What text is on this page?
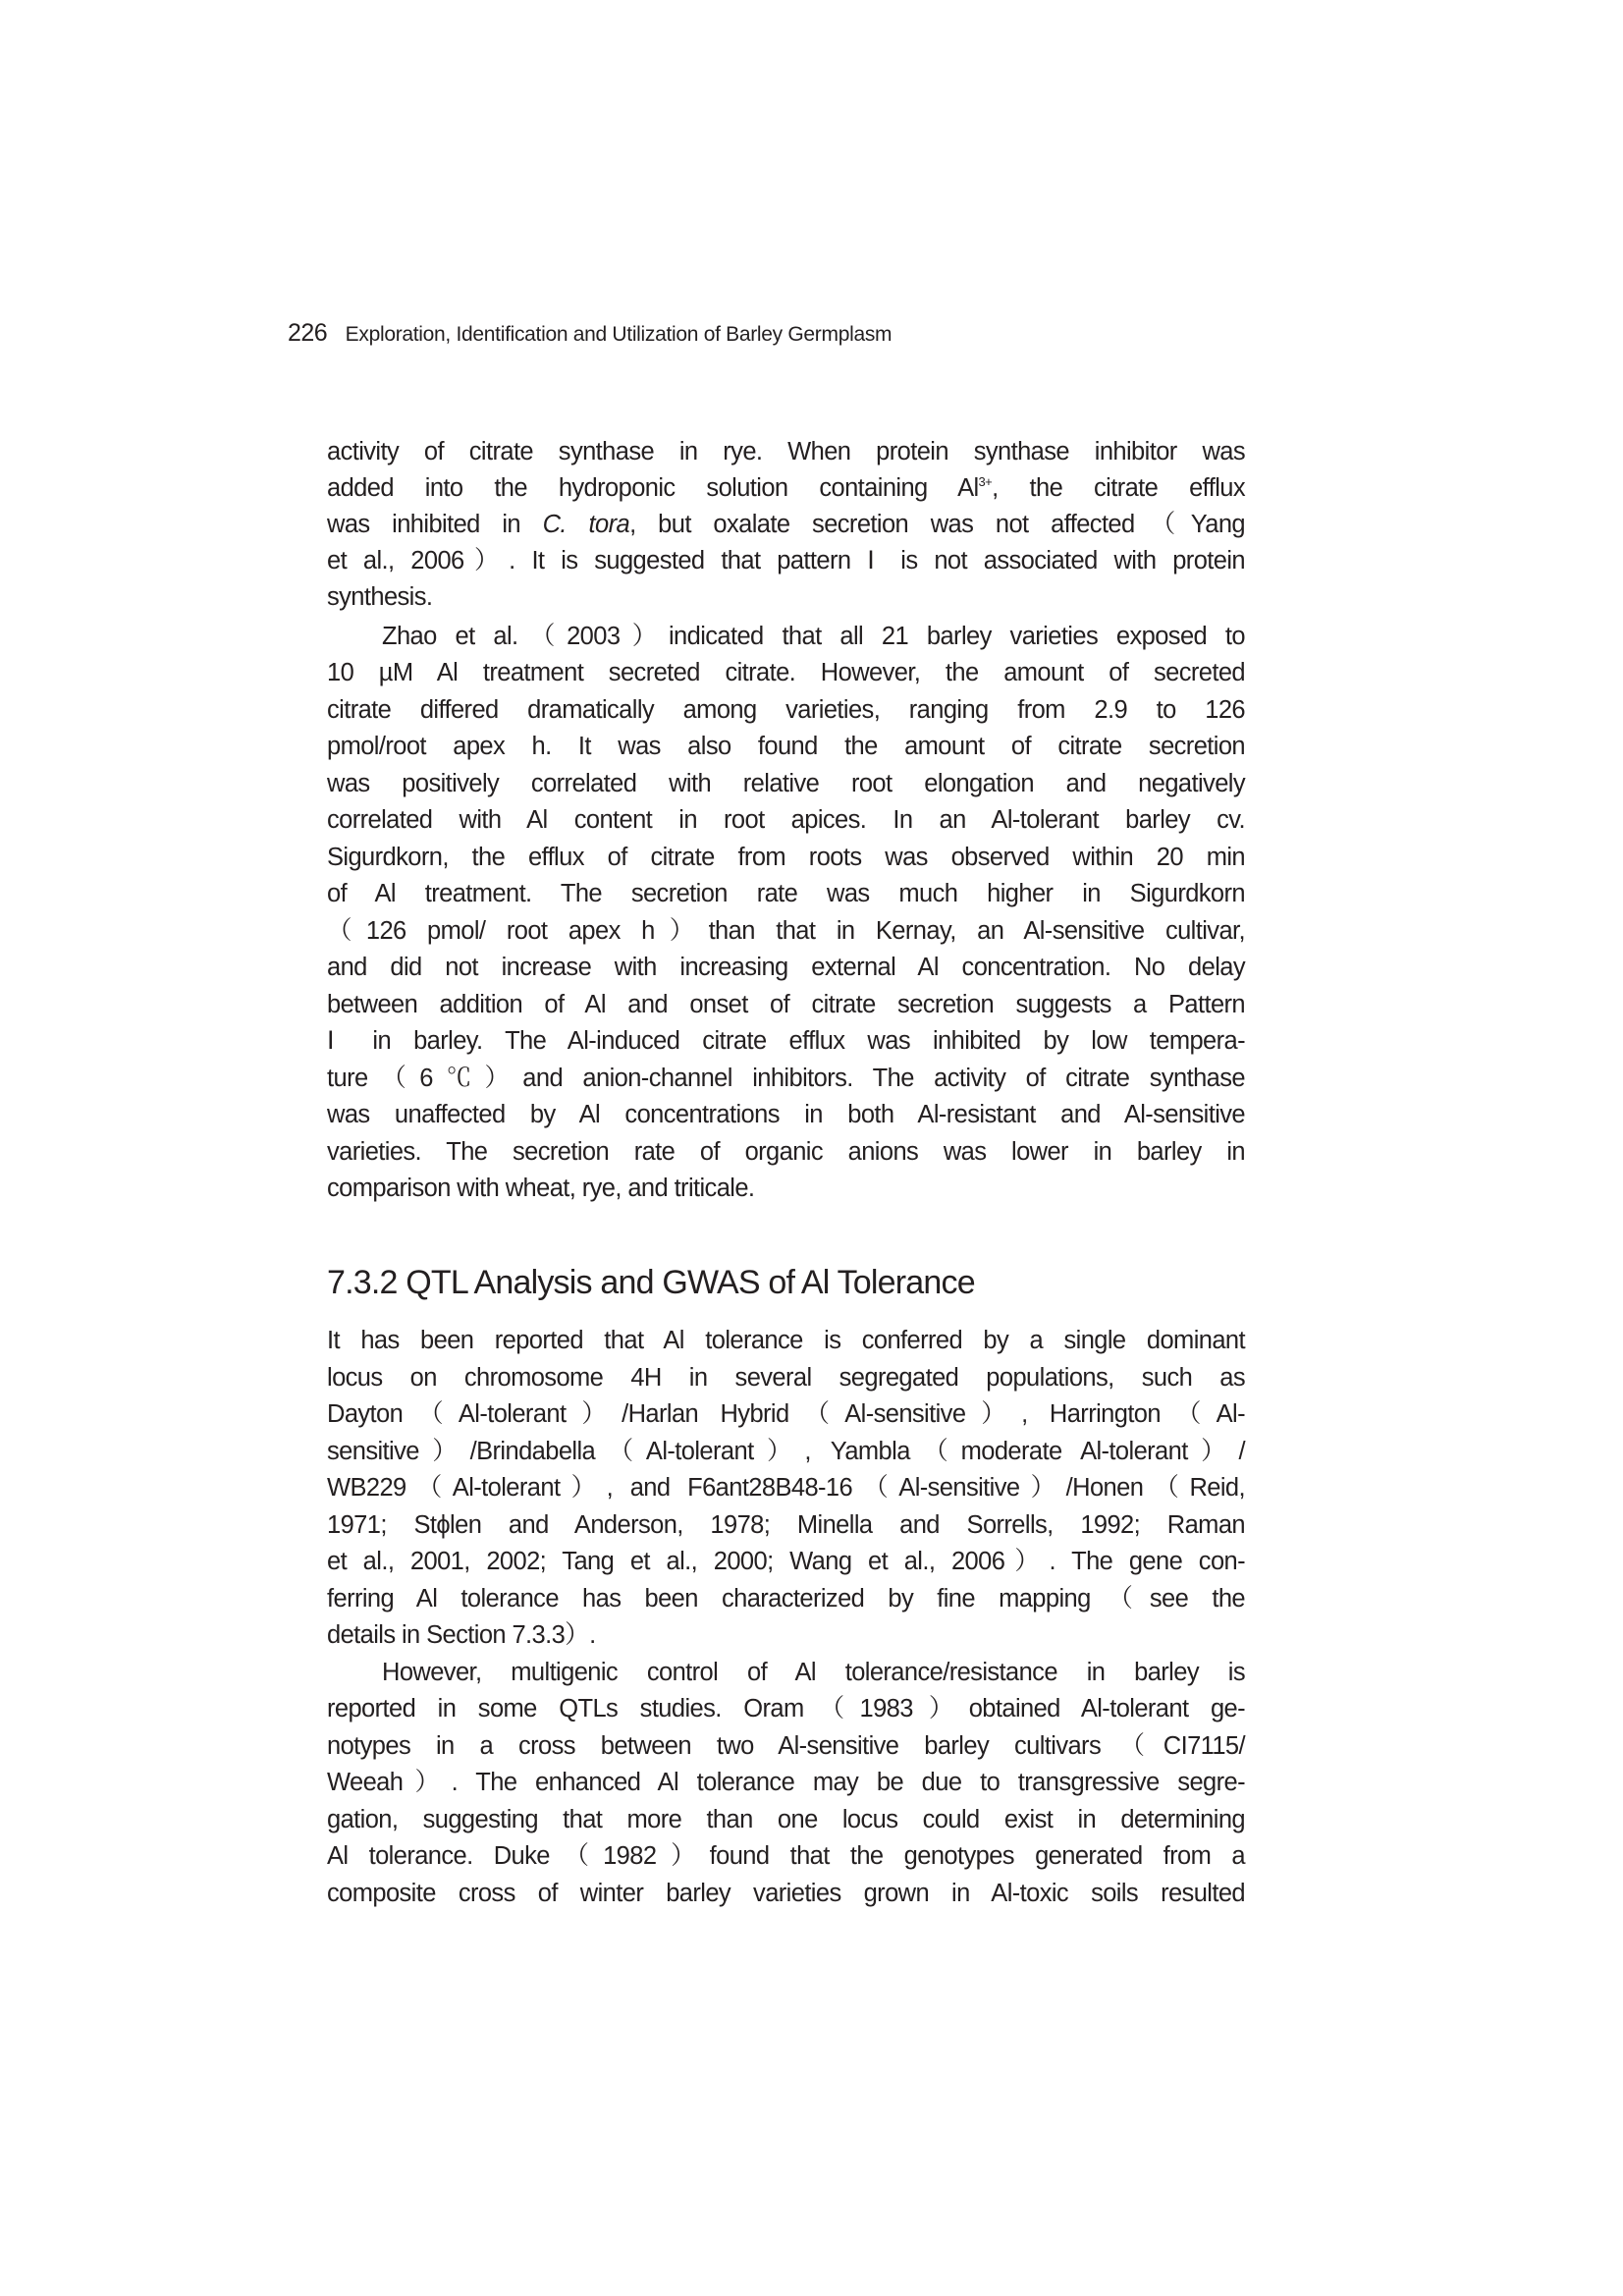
226 Exploration, Identification and Utilization of Barley Germplasm
activity of citrate synthase in rye. When protein synthase inhibitor was
added into the hydroponic solution containing $Al^{3+}$, the citrate efflux
was inhibited in C. tora, but oxalate secretion was not affected（Yang
et al., 2006）. It is suggested that pattern Ⅰ is not associated with protein
synthesis.
Zhao et al.（2003）indicated that all 21 barley varieties exposed to
10 µM Al treatment secreted citrate. However, the amount of secreted
citrate differed dramatically among varieties, ranging from 2.9 to 126
pmol/root apex h. It was also found the amount of citrate secretion
was positively correlated with relative root elongation and negatively
correlated with Al content in root apices. In an Al-tolerant barley cv.
Sigurdkorn, the efflux of citrate from roots was observed within 20 min
of Al treatment. The secretion rate was much higher in Sigurdkorn
（126 pmol/ root apex h）than that in Kernay, an Al-sensitive cultivar,
and did not increase with increasing external Al concentration. No delay
between addition of Al and onset of citrate secretion suggests a Pattern
Ⅰ in barley. The Al-induced citrate efflux was inhibited by low tempera-
ture（6℃）and anion-channel inhibitors. The activity of citrate synthase
was unaffected by Al concentrations in both Al-resistant and Al-sensitive
varieties. The secretion rate of organic anions was lower in barley in
comparison with wheat, rye, and triticale.
7.3.2 QTL Analysis and GWAS of Al Tolerance
It has been reported that Al tolerance is conferred by a single dominant
locus on chromosome 4H in several segregated populations, such as
Dayton（Al-tolerant）/Harlan Hybrid（Al-sensitive）, Harrington（Al-
sensitive）/Brindabella（Al-tolerant）, Yambla（moderate Al-tolerant）/
WB229（Al-tolerant）, and F6ant28B48-16（Al-sensitive）/Honen（Reid,
1971; Stϕlen and Anderson, 1978; Minella and Sorrells, 1992; Raman
et al., 2001, 2002; Tang et al., 2000; Wang et al., 2006）. The gene con-
ferring Al tolerance has been characterized by fine mapping（see the
details in Section 7.3.3）.
However, multigenic control of Al tolerance/resistance in barley is
reported in some QTLs studies. Oram（1983）obtained Al-tolerant ge-
notypes in a cross between two Al-sensitive barley cultivars（CI7115/
Weeah）. The enhanced Al tolerance may be due to transgressive segre-
gation, suggesting that more than one locus could exist in determining
Al tolerance. Duke（1982）found that the genotypes generated from a
composite cross of winter barley varieties grown in Al-toxic soils resulted
